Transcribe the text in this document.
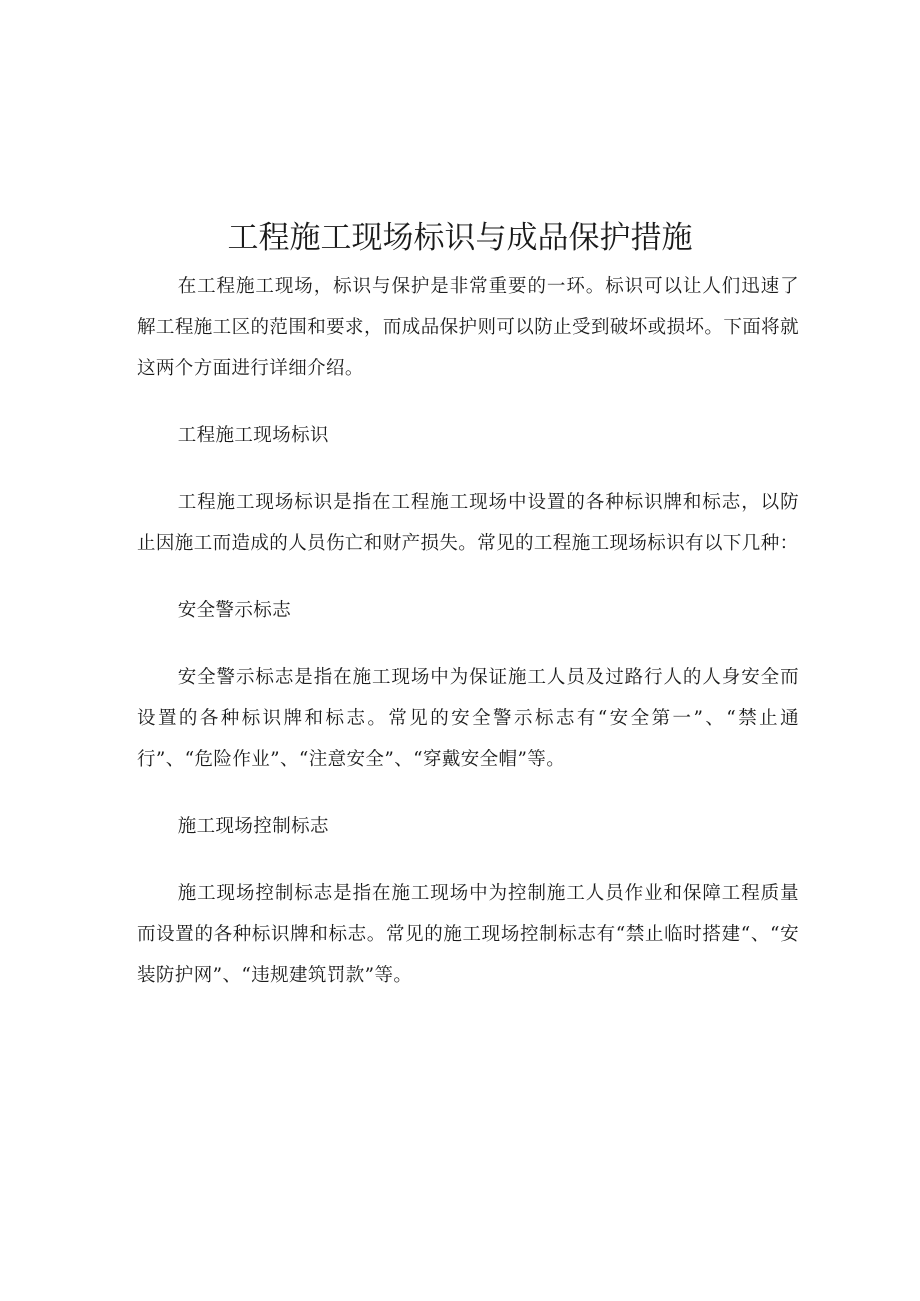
工程施工现场标识与成品保护措施

在工程施工现场，标识与保护是非常重要的一环。标识可以让人们迅速了解工程施工区的范围和要求，而成品保护则可以防止受到破坏或损坏。下面将就这两个方面进行详细介绍。

工程施工现场标识

工程施工现场标识是指在工程施工现场中设置的各种标识牌和标志，以防止因施工而造成的人员伤亡和财产损失。常见的工程施工现场标识有以下几种：

安全警示标志

安全警示标志是指在施工现场中为保证施工人员及过路行人的人身安全而设置的各种标识牌和标志。常见的安全警示标志有“安全第一”、“禁止通行”、“危险作业”、“注意安全”、“穿戴安全帽”等。

施工现场控制标志

施工现场控制标志是指在施工现场中为控制施工人员作业和保障工程质量而设置的各种标识牌和标志。常见的施工现场控制标志有“禁止临时搭建“、“安装防护网”、“违规建筑罚款”等。
